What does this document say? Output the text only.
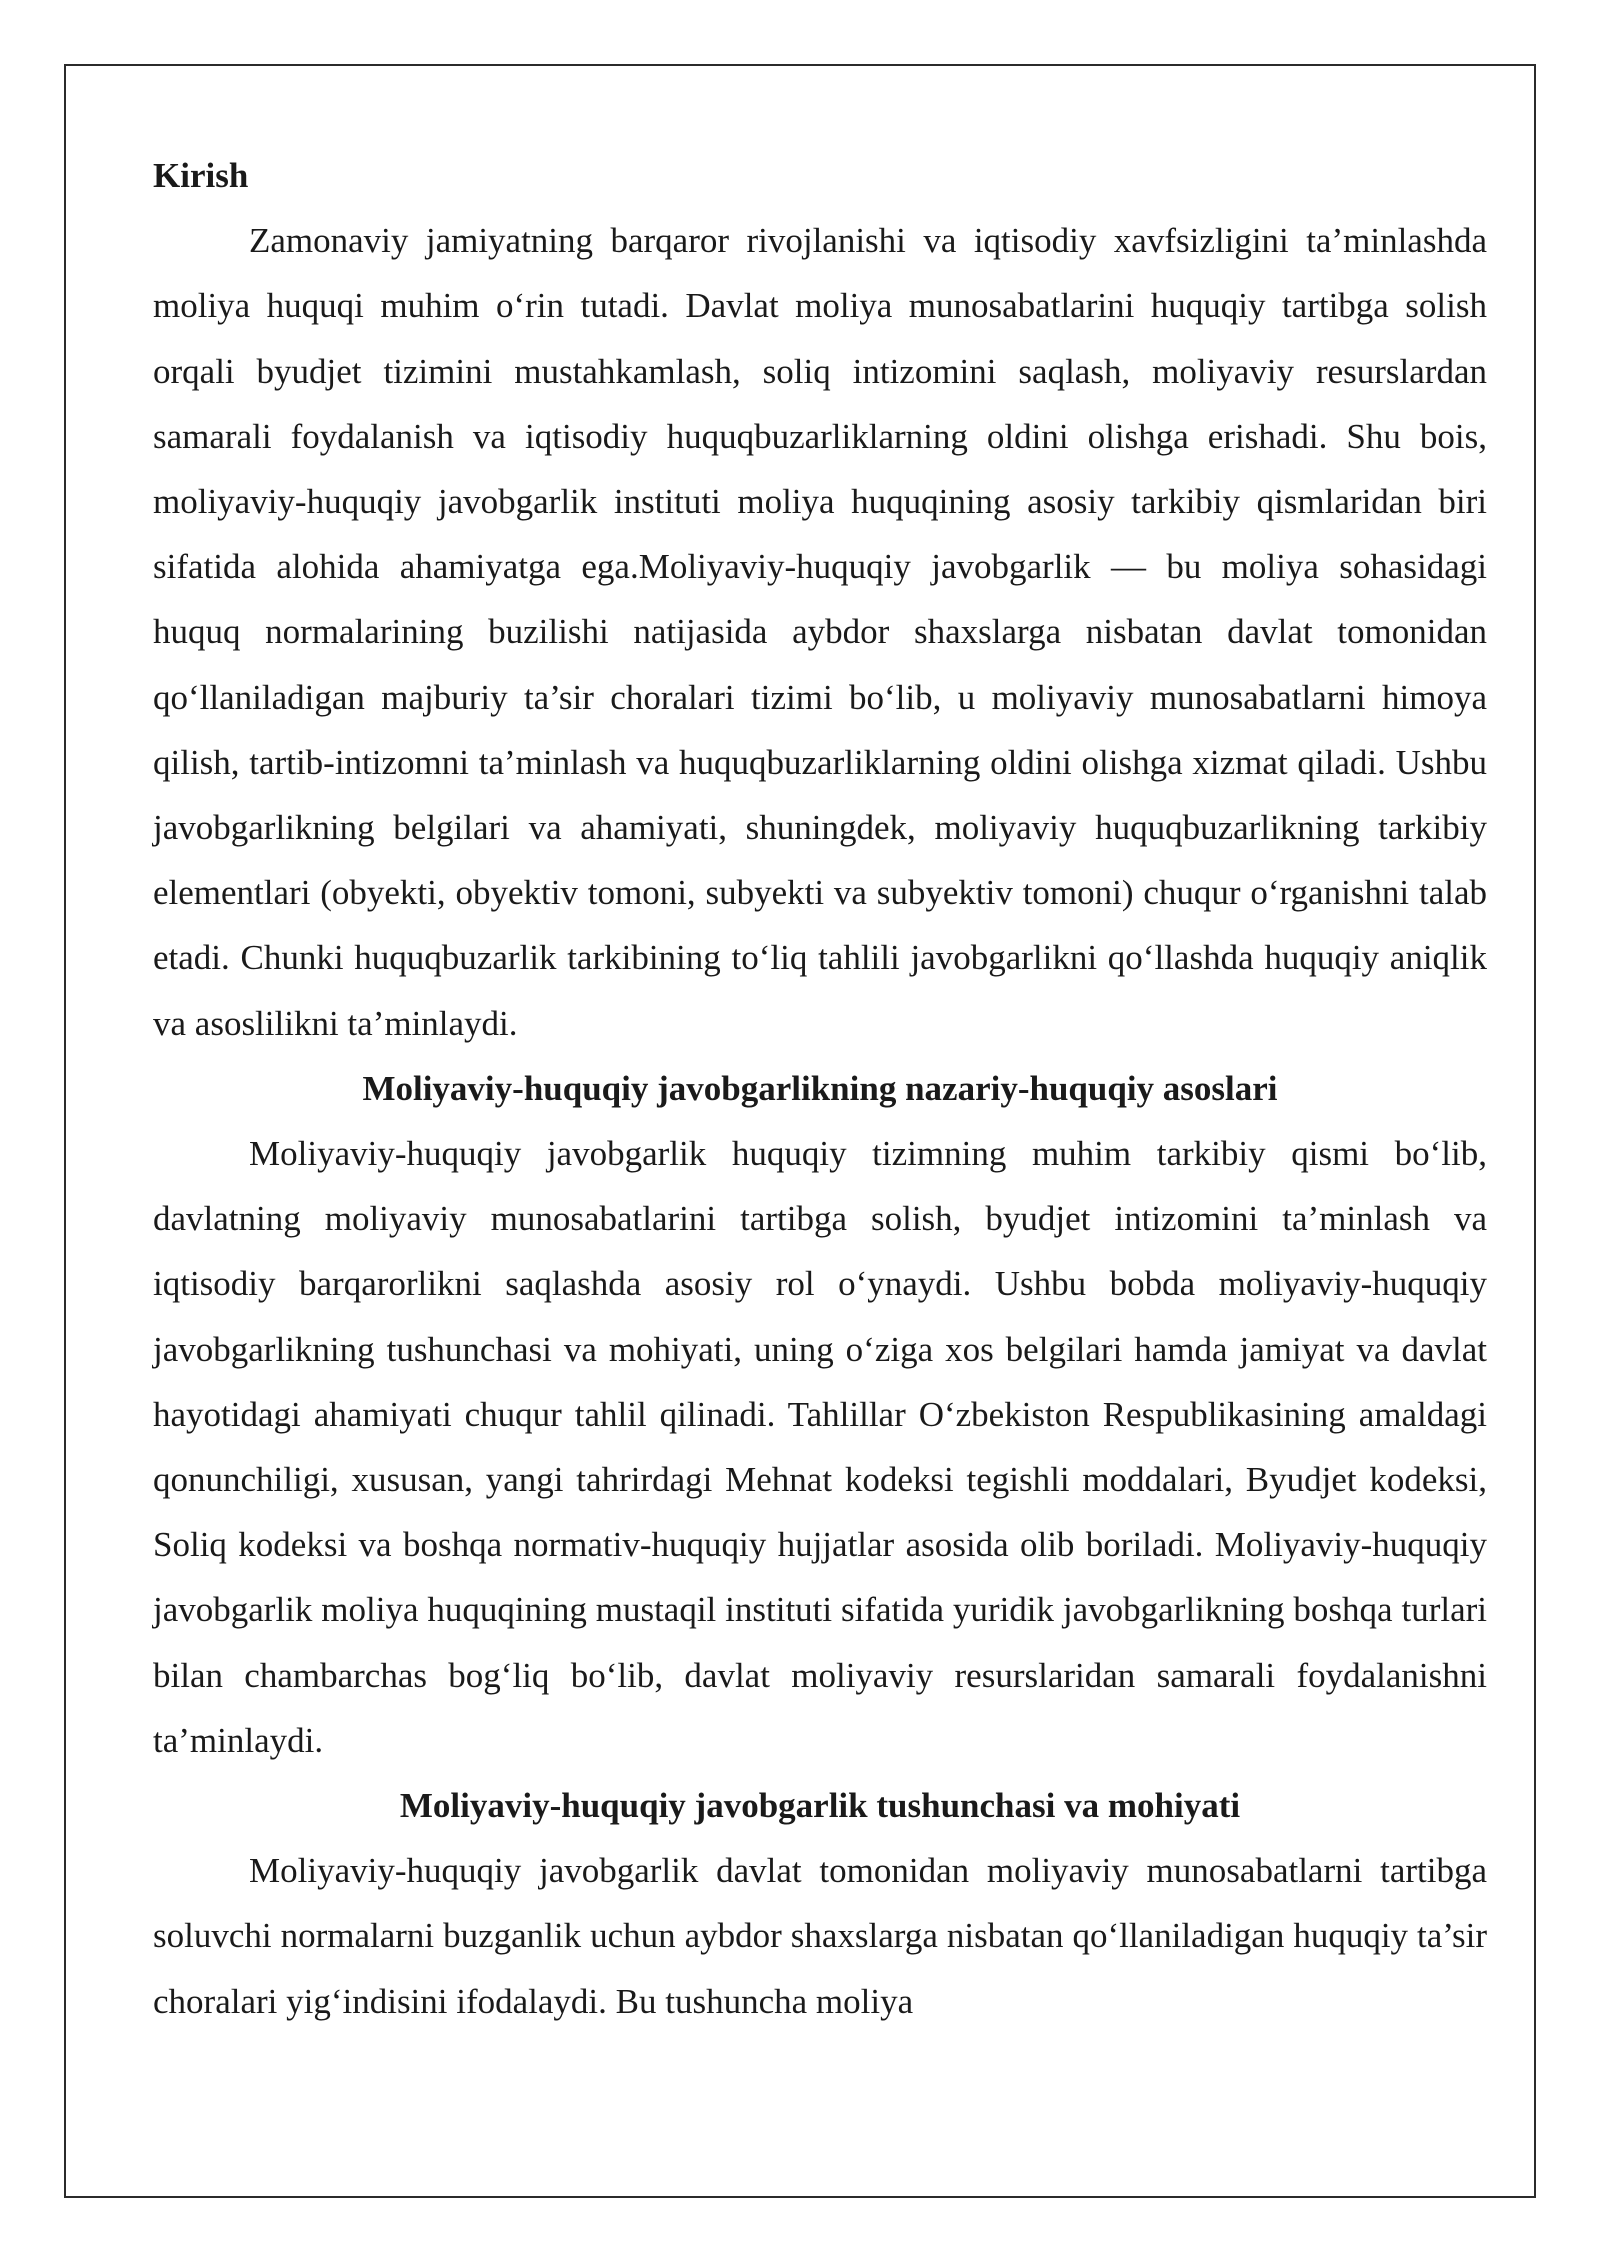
Kirish

Zamonaviy jamiyatning barqaror rivojlanishi va iqtisodiy xavfsizligini ta’minlashda moliya huquqi muhim o‘rin tutadi. Davlat moliya munosabatlarini huquqiy tartibga solish orqali byudjet tizimini mustahkamlash, soliq intizomini saqlash, moliyaviy resurslardan samarali foydalanish va iqtisodiy huquqbuzarliklarning oldini olishga erishadi. Shu bois, moliyaviy-huquqiy javobgarlik instituti moliya huquqining asosiy tarkibiy qismlaridan biri sifatida alohida ahamiyatga ega.Moliyaviy-huquqiy javobgarlik — bu moliya sohasidagi huquq normalarining buzilishi natijasida aybdor shaxslarga nisbatan davlat tomonidan qo‘llaniladigan majburiy ta’sir choralari tizimi bo‘lib, u moliyaviy munosabatlarni himoya qilish, tartib-intizomni ta’minlash va huquqbuzarliklarning oldini olishga xizmat qiladi. Ushbu javobgarlikning belgilari va ahamiyati, shuningdek, moliyaviy huquqbuzarlikning tarkibiy elementlari (obyekti, obyektiv tomoni, subyekti va subyektiv tomoni) chuqur o‘rganishni talab etadi. Chunki huquqbuzarlik tarkibining to‘liq tahlili javobgarlikni qo‘llashda huquqiy aniqlik va asoslilikni ta’minlaydi.

Moliyaviy-huquqiy javobgarlikning nazariy-huquqiy asoslari

Moliyaviy-huquqiy javobgarlik huquqiy tizimning muhim tarkibiy qismi bo‘lib, davlatning moliyaviy munosabatlarini tartibga solish, byudjet intizomini ta’minlash va iqtisodiy barqarorlikni saqlashda asosiy rol o‘ynaydi. Ushbu bobda moliyaviy-huquqiy javobgarlikning tushunchasi va mohiyati, uning o‘ziga xos belgilari hamda jamiyat va davlat hayotidagi ahamiyati chuqur tahlil qilinadi. Tahlillar O‘zbekiston Respublikasining amaldagi qonunchiligi, xususan, yangi tahrirdagi Mehnat kodeksi tegishli moddalari, Byudjet kodeksi, Soliq kodeksi va boshqa normativ-huquqiy hujjatlar asosida olib boriladi. Moliyaviy-huquqiy javobgarlik moliya huquqining mustaqil instituti sifatida yuridik javobgarlikning boshqa turlari bilan chambarchas bog‘liq bo‘lib, davlat moliyaviy resurslaridan samarali foydalanishni ta’minlaydi.

Moliyaviy-huquqiy javobgarlik tushunchasi va mohiyati

Moliyaviy-huquqiy javobgarlik davlat tomonidan moliyaviy munosabatlarni tartibga soluvchi normalarni buzganlik uchun aybdor shaxslarga nisbatan qo‘llaniladigan huquqiy ta’sir choralari yig‘indisini ifodalaydi. Bu tushuncha moliya
